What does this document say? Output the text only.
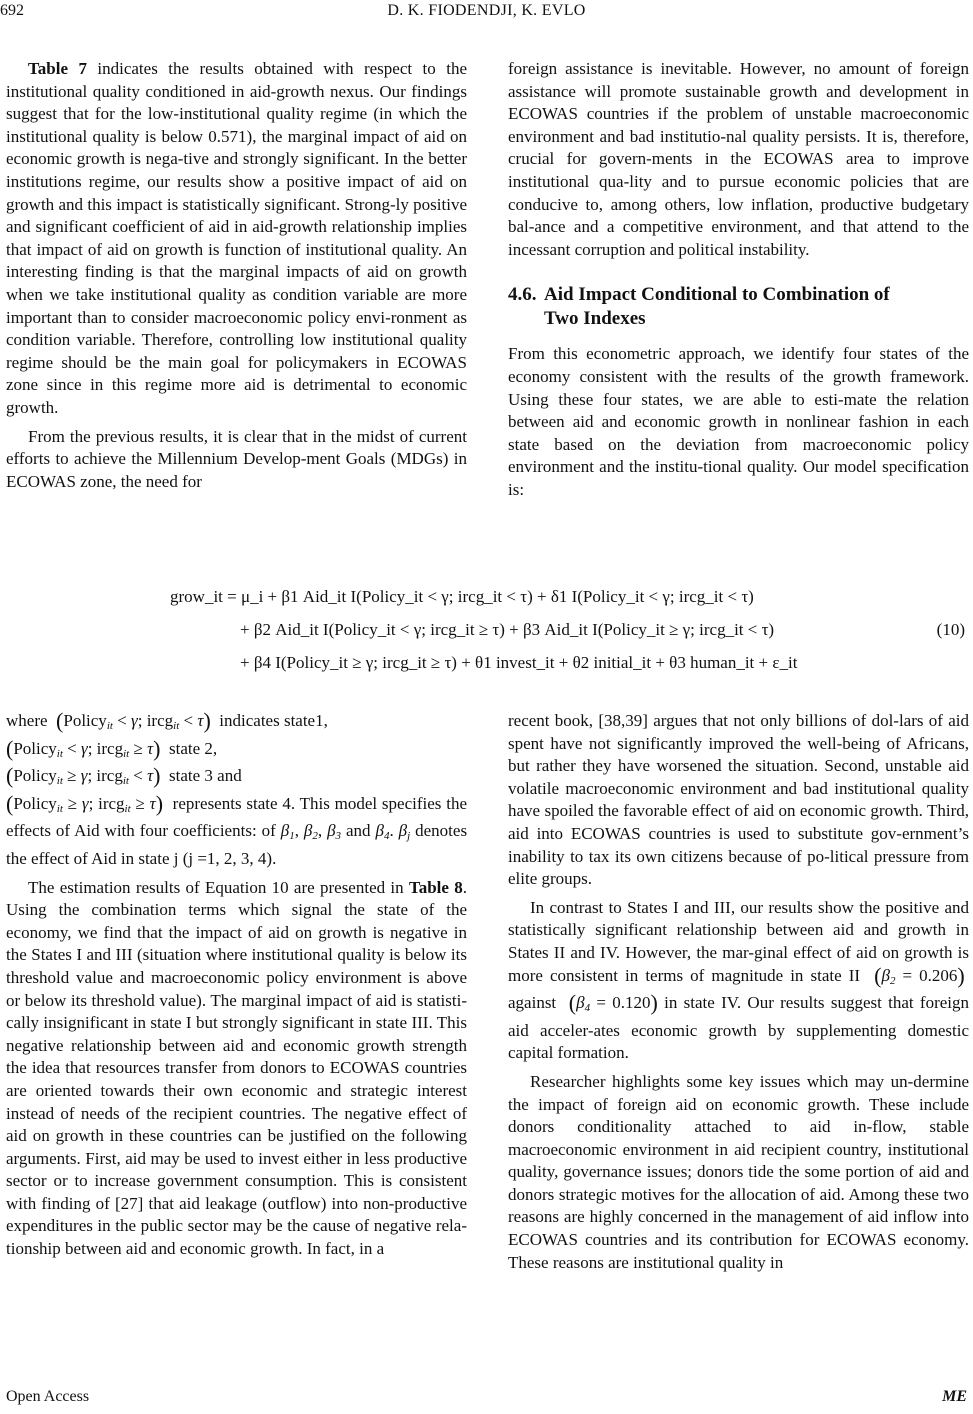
692	D. K. FIODENDJI, K. EVLO

Table 7 indicates the results obtained with respect to the institutional quality conditioned in aid-growth nexus. Our findings suggest that for the low-institutional quality regime (in which the institutional quality is below 0.571), the marginal impact of aid on economic growth is nega-tive and strongly significant. In the better institutions regime, our results show a positive impact of aid on growth and this impact is statistically significant. Strong-ly positive and significant coefficient of aid in aid-growth relationship implies that impact of aid on growth is function of institutional quality. An interesting finding is that the marginal impacts of aid on growth when we take institutional quality as condition variable are more important than to consider macroeconomic policy envi-ronment as condition variable. Therefore, controlling low institutional quality regime should be the main goal for policymakers in ECOWAS zone since in this regime more aid is detrimental to economic growth.

From the previous results, it is clear that in the midst of current efforts to achieve the Millennium Develop-ment Goals (MDGs) in ECOWAS zone, the need for

foreign assistance is inevitable. However, no amount of foreign assistance will promote sustainable growth and development in ECOWAS countries if the problem of unstable macroeconomic environment and bad institutio-nal quality persists. It is, therefore, crucial for govern-ments in the ECOWAS area to improve institutional qua-lity and to pursue economic policies that are conducive to, among others, low inflation, productive budgetary bal-ance and a competitive environment, and that attend to the incessant corruption and political instability.

4.6. Aid Impact Conditional to Combination of
Two Indexes

From this econometric approach, we identify four states of the economy consistent with the results of the growth framework. Using these four states, we are able to esti-mate the relation between aid and economic growth in nonlinear fashion in each state based on the deviation from macroeconomic policy environment and the institu-tional quality. Our model specification is:

grow_it = μ_i + β1 Aid_it I(Policy_it < γ; ircg_it < τ) + δ1 I(Policy_it < γ; ircg_it < τ)
+ β2 Aid_it I(Policy_it < γ; ircg_it ≥ τ) + β3 Aid_it I(Policy_it ≥ γ; ircg_it < τ)
+ β4 I(Policy_it ≥ γ; ircg_it ≥ τ) + θ1 invest_it + θ2 initial_it + θ3 human_it + ε_it
(10)

where (Policy$_{it}$ < γ; ircg$_{it}$ < τ) indicates state1,

(Policy$_{it}$ < γ; ircg$_{it}$ ≥ τ) state 2,

(Policy$_{it}$ ≥ γ; ircg$_{it}$ < τ) state 3 and

(Policy$_{it}$ ≥ γ; ircg$_{it}$ ≥ τ) represents state 4. This model specifies the effects of Aid with four coefficients: of $\beta_1$, $\beta_2$, $\beta_3$ and $\beta_4$. $\beta_j$ denotes the effect of Aid in state j (j =1, 2, 3, 4).

The estimation results of Equation 10 are presented in Table 8. Using the combination terms which signal the state of the economy, we find that the impact of aid on growth is negative in the States I and III (situation where institutional quality is below its threshold value and macroeconomic policy environment is above or below its threshold value). The marginal impact of aid is statisti-cally insignificant in state I but strongly significant in state III. This negative relationship between aid and economic growth strength the idea that resources transfer from donors to ECOWAS countries are oriented towards their own economic and strategic interest instead of needs of the recipient countries. The negative effect of aid on growth in these countries can be justified on the following arguments. First, aid may be used to invest either in less productive sector or to increase government consumption. This is consistent with finding of [27] that aid leakage (outflow) into non-productive expenditures in the public sector may be the cause of negative rela-tionship between aid and economic growth. In fact, in a

recent book, [38,39] argues that not only billions of dol-lars of aid spent have not significantly improved the well-being of Africans, but rather they have worsened the situation. Second, unstable aid volatile macroeconomic environment and bad institutional quality have spoiled the favorable effect of aid on economic growth. Third, aid into ECOWAS countries is used to substitute gov-ernment’s inability to tax its own citizens because of po-litical pressure from elite groups.

In contrast to States I and III, our results show the positive and statistically significant relationship between aid and growth in States II and IV. However, the mar-ginal effect of aid on growth is more consistent in terms of magnitude in state II $(\beta_2 = 0.206)$  against $(\beta_4 = 0.120)$ in state IV. Our results suggest that foreign aid acceler-ates economic growth by supplementing domestic capital formation.

Researcher highlights some key issues which may un-dermine the impact of foreign aid on economic growth. These include donors conditionality attached to aid in-flow, stable macroeconomic environment in aid recipient country, institutional quality, governance issues; donors tide the some portion of aid and donors strategic motives for the allocation of aid. Among these two reasons are highly concerned in the management of aid inflow into ECOWAS countries and its contribution for ECOWAS economy. These reasons are institutional quality in

Open Access	ME
